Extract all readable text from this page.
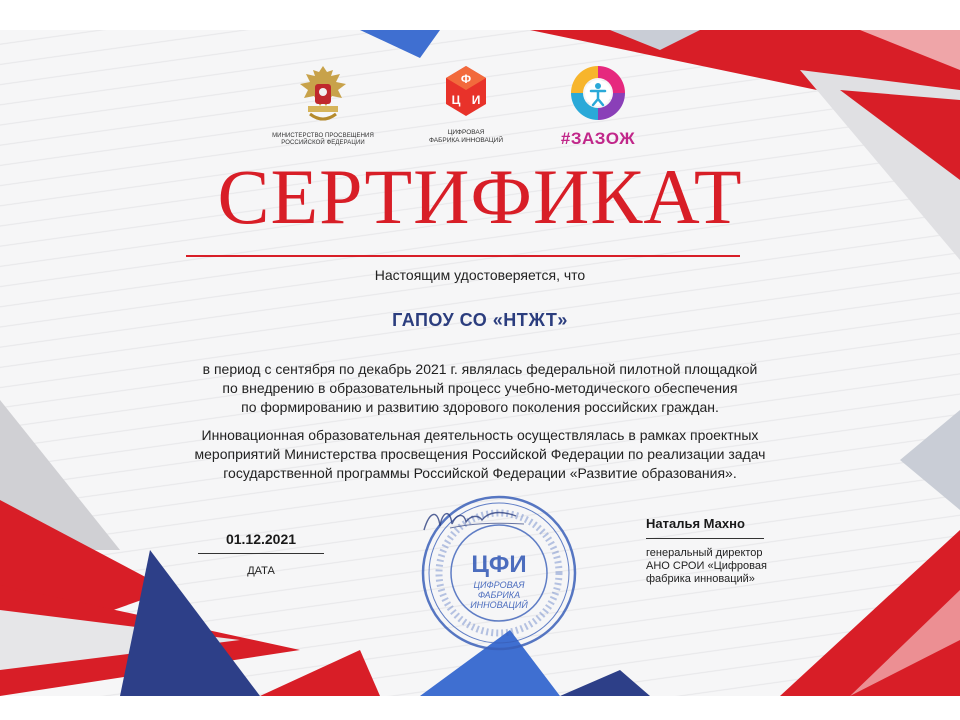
МИНИСТЕРСТВО ПРОСВЕЩЕНИЯ
РОССИЙСКОЙ ФЕДЕРАЦИИ
Ф
Ц И
ЦИФРОВАЯ
ФАБРИКА ИННОВАЦИЙ	#ЗАЗОЖ
СЕРТИФИКАТ
Настоящим удостоверяется, что
ГАПОУ СО «НТЖТ»
в период с сентября по декабрь 2021 г. являлась федеральной пилотной площадкой
по внедрению в образовательный процесс учебно-методического обеспечения
по формированию и развитию здорового поколения российских граждан.
Инновационная образовательная деятельность осуществлялась в рамках проектных
мероприятий Министерства просвещения Российской Федерации по реализации задач
государственной программы Российской Федерации «Развитие образования».
01.12.2021
ДАТА	ЦФИ
ЦИФРОВАЯ
ФАБРИКА
ИННОВАЦИЙ
Наталья Махно
генеральный директор
АНО СРОИ «Цифровая
фабрика инноваций»
